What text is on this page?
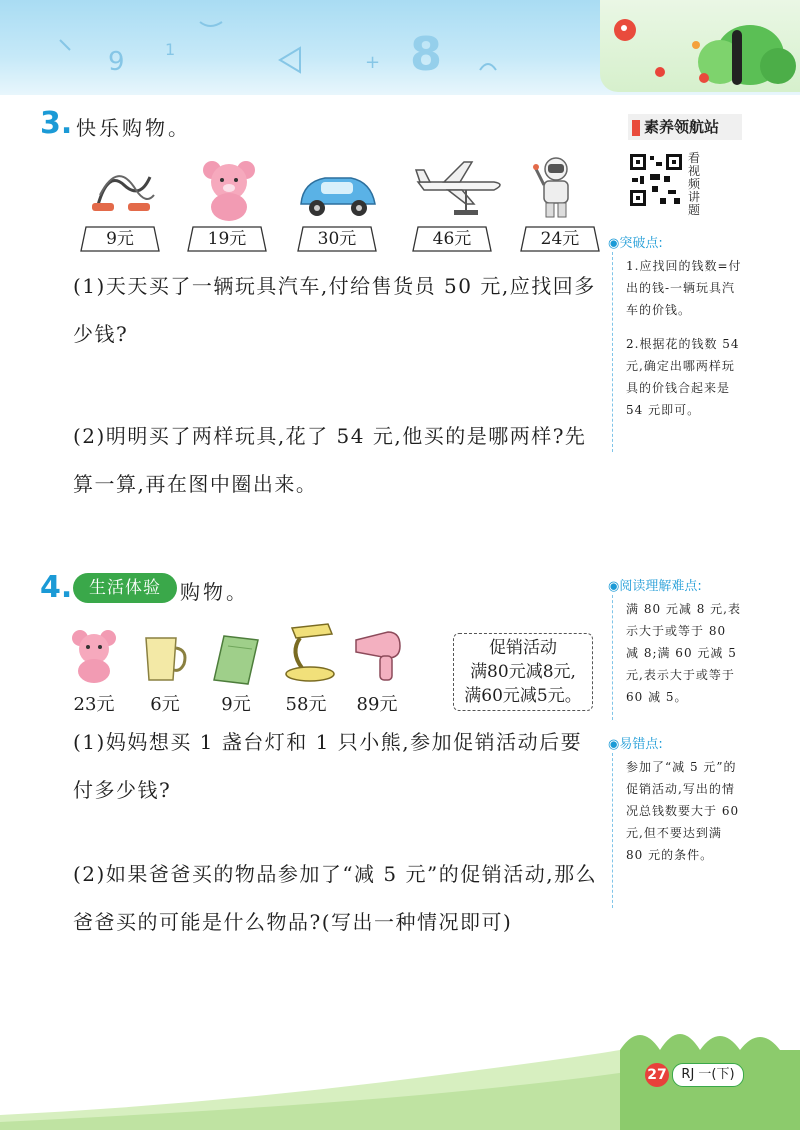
9	1
+ 8
3. 快乐购物。
9元	19元	30元	46元	24元
(1)天天买了一辆玩具汽车,付给售货员 50 元,应找回多少钱?
(2)明明买了两样玩具,花了 54 元,他买的是哪两样?先算一算,再在图中圈出来。
4. 生活体验 购物。
23元	6元	9元	58元	89元
促销活动
满80元减8元,
满60元减5元。
(1)妈妈想买 1 盏台灯和 1 只小熊,参加促销活动后要付多少钱?
(2)如果爸爸买的物品参加了“减 5 元”的促销活动,那么爸爸买的可能是什么物品?(写出一种情况即可)
素养领航站
看视频讲题
◉突破点:
1.应找回的钱数=付出的钱-一辆玩具汽车的价钱。
2.根据花的钱数 54 元,确定出哪两样玩具的价钱合起来是 54 元即可。
◉阅读理解难点:
满 80 元减 8 元,表示大于或等于 80 减 8;满 60 元减 5 元,表示大于或等于 60 减 5。
◉易错点:
参加了“减 5 元”的促销活动,写出的情况总钱数要大于 60 元,但不要达到满 80 元的条件。
27	RJ 一(下)
